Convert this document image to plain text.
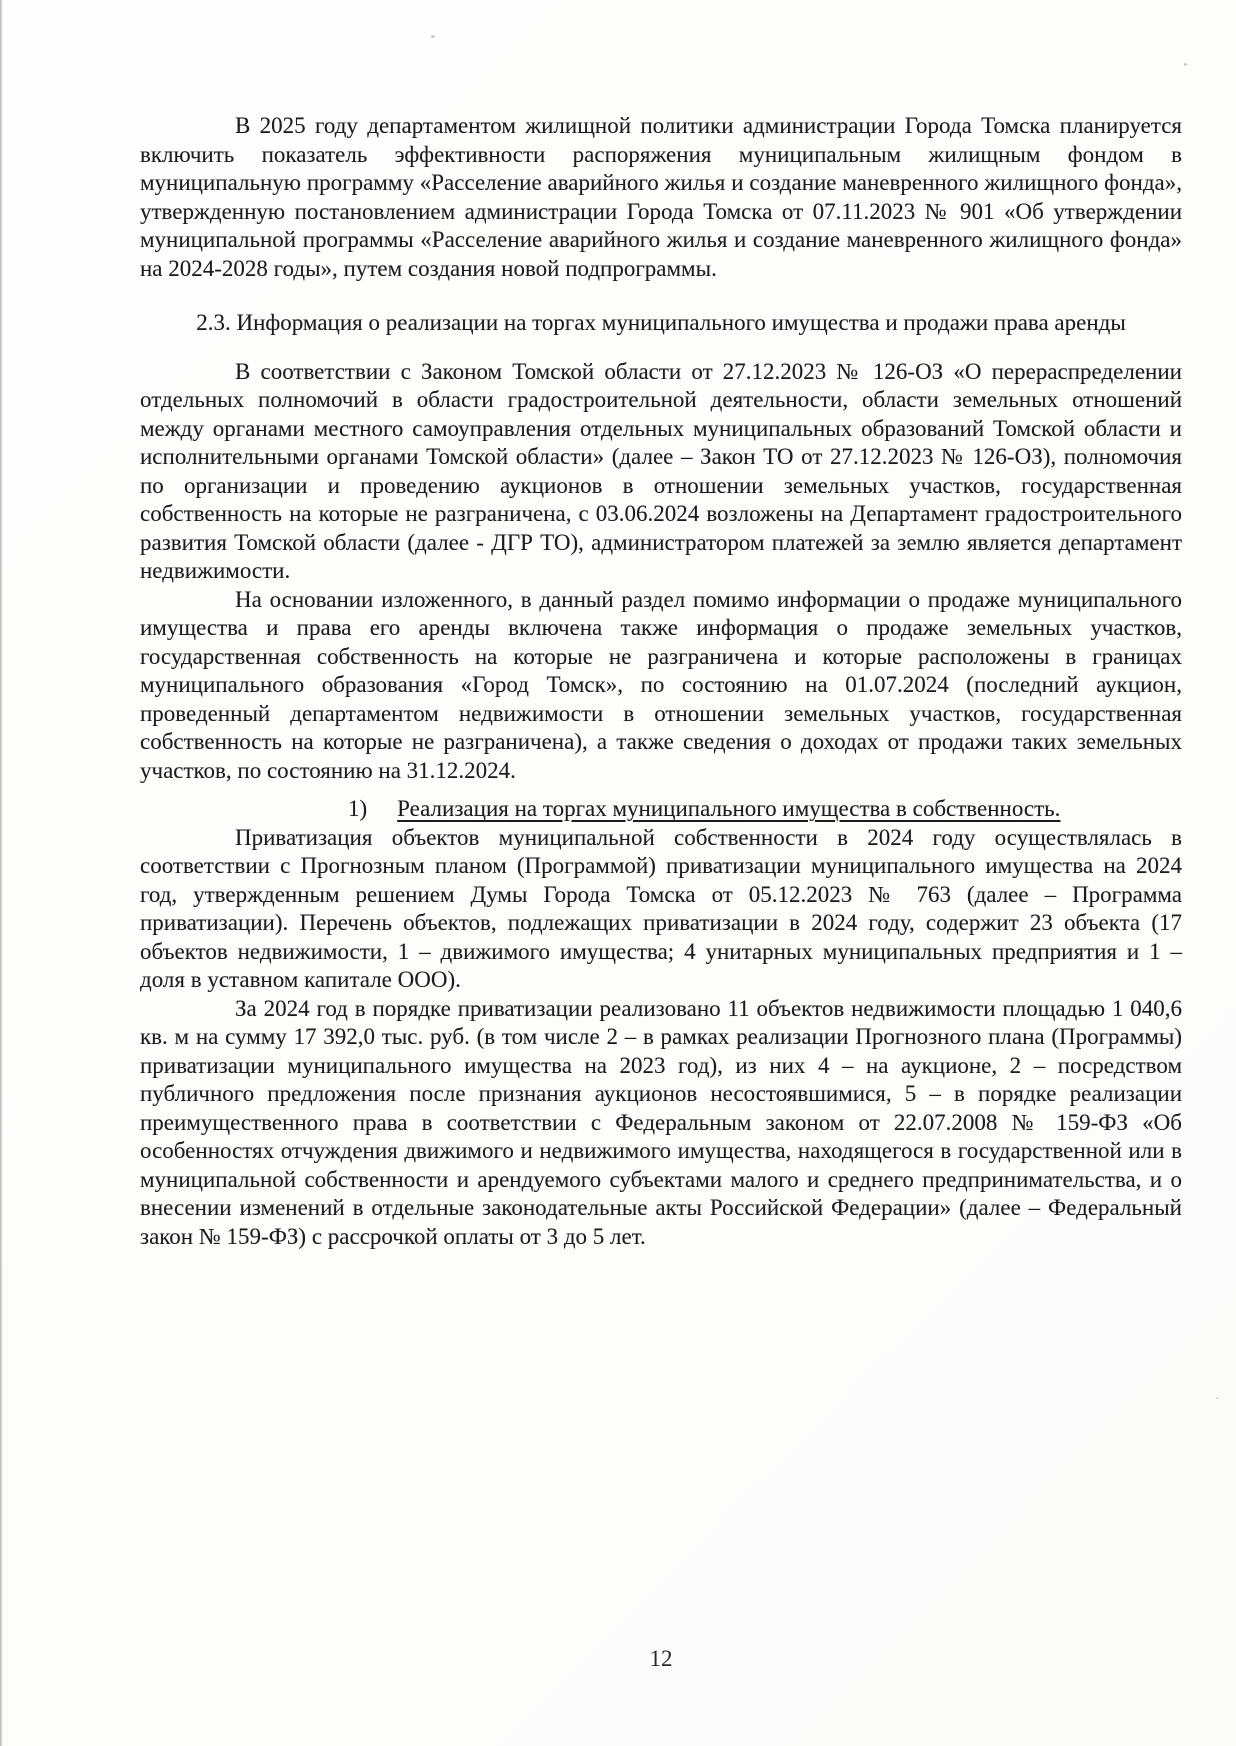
В 2025 году департаментом жилищной политики администрации Города Томска планируется включить показатель эффективности распоряжения муниципальным жилищным фондом в муниципальную программу «Расселение аварийного жилья и создание маневренного жилищного фонда», утвержденную постановлением администрации Города Томска от 07.11.2023 № 901 «Об утверждении муниципальной программы «Расселение аварийного жилья и создание маневренного жилищного фонда» на 2024-2028 годы», путем создания новой подпрограммы.

2.3. Информация о реализации на торгах муниципального имущества и продажи права аренды

В соответствии с Законом Томской области от 27.12.2023 № 126-ОЗ «О перераспределении отдельных полномочий в области градостроительной деятельности, области земельных отношений между органами местного самоуправления отдельных муниципальных образований Томской области и исполнительными органами Томской области» (далее – Закон ТО от 27.12.2023 № 126-ОЗ), полномочия по организации и проведению аукционов в отношении земельных участков, государственная собственность на которые не разграничена, с 03.06.2024 возложены на Департамент градостроительного развития Томской области (далее - ДГР ТО), администратором платежей за землю является департамент недвижимости.

На основании изложенного, в данный раздел помимо информации о продаже муниципального имущества и права его аренды включена также информация о продаже земельных участков, государственная собственность на которые не разграничена и которые расположены в границах муниципального образования «Город Томск», по состоянию на 01.07.2024 (последний аукцион, проведенный департаментом недвижимости в отношении земельных участков, государственная собственность на которые не разграничена), а также сведения о доходах от продажи таких земельных участков, по состоянию на 31.12.2024.

1) Реализация на торгах муниципального имущества в собственность.

Приватизация объектов муниципальной собственности в 2024 году осуществлялась в соответствии с Прогнозным планом (Программой) приватизации муниципального имущества на 2024 год, утвержденным решением Думы Города Томска от 05.12.2023 № 763 (далее – Программа приватизации). Перечень объектов, подлежащих приватизации в 2024 году, содержит 23 объекта (17 объектов недвижимости, 1 – движимого имущества; 4 унитарных муниципальных предприятия и 1 – доля в уставном капитале ООО).

За 2024 год в порядке приватизации реализовано 11 объектов недвижимости площадью 1 040,6 кв. м на сумму 17 392,0 тыс. руб. (в том числе 2 – в рамках реализации Прогнозного плана (Программы) приватизации муниципального имущества на 2023 год), из них 4 – на аукционе, 2 – посредством публичного предложения после признания аукционов несостоявшимися, 5 – в порядке реализации преимущественного права в соответствии с Федеральным законом от 22.07.2008 № 159-ФЗ «Об особенностях отчуждения движимого и недвижимого имущества, находящегося в государственной или в муниципальной собственности и арендуемого субъектами малого и среднего предпринимательства, и о внесении изменений в отдельные законодательные акты Российской Федерации» (далее – Федеральный закон № 159-ФЗ) с рассрочкой оплаты от 3 до 5 лет.

12
